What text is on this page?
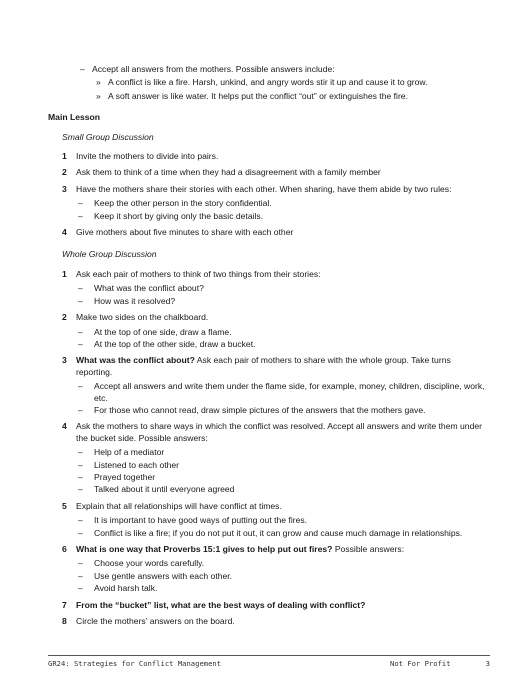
– Accept all answers from the mothers. Possible answers include:
» A conflict is like a fire. Harsh, unkind, and angry words stir it up and cause it to grow.
» A soft answer is like water. It helps put the conflict “out” or extinguishes the fire.
Main Lesson
Small Group Discussion
1 Invite the mothers to divide into pairs.
2 Ask them to think of a time when they had a disagreement with a family member
3 Have the mothers share their stories with each other. When sharing, have them abide by two rules:
– Keep the other person in the story confidential.
– Keep it short by giving only the basic details.
4 Give mothers about five minutes to share with each other
Whole Group Discussion
1 Ask each pair of mothers to think of two things from their stories:
– What was the conflict about?
– How was it resolved?
2 Make two sides on the chalkboard.
– At the top of one side, draw a flame.
– At the top of the other side, draw a bucket.
3 What was the conflict about? Ask each pair of mothers to share with the whole group. Take turns reporting.
– Accept all answers and write them under the flame side, for example, money, children, discipline, work, etc.
– For those who cannot read, draw simple pictures of the answers that the mothers gave.
4 Ask the mothers to share ways in which the conflict was resolved. Accept all answers and write them under the bucket side. Possible answers:
– Help of a mediator
– Listened to each other
– Prayed together
– Talked about it until everyone agreed
5 Explain that all relationships will have conflict at times.
– It is important to have good ways of putting out the fires.
– Conflict is like a fire; if you do not put it out, it can grow and cause much damage in relationships.
6 What is one way that Proverbs 15:1 gives to help put out fires? Possible answers:
– Choose your words carefully.
– Use gentle answers with each other.
– Avoid harsh talk.
7 From the “bucket” list, what are the best ways of dealing with conflict?
8 Circle the mothers’ answers on the board.
GR24: Strategies for Conflict Management	Not For Profit	3
